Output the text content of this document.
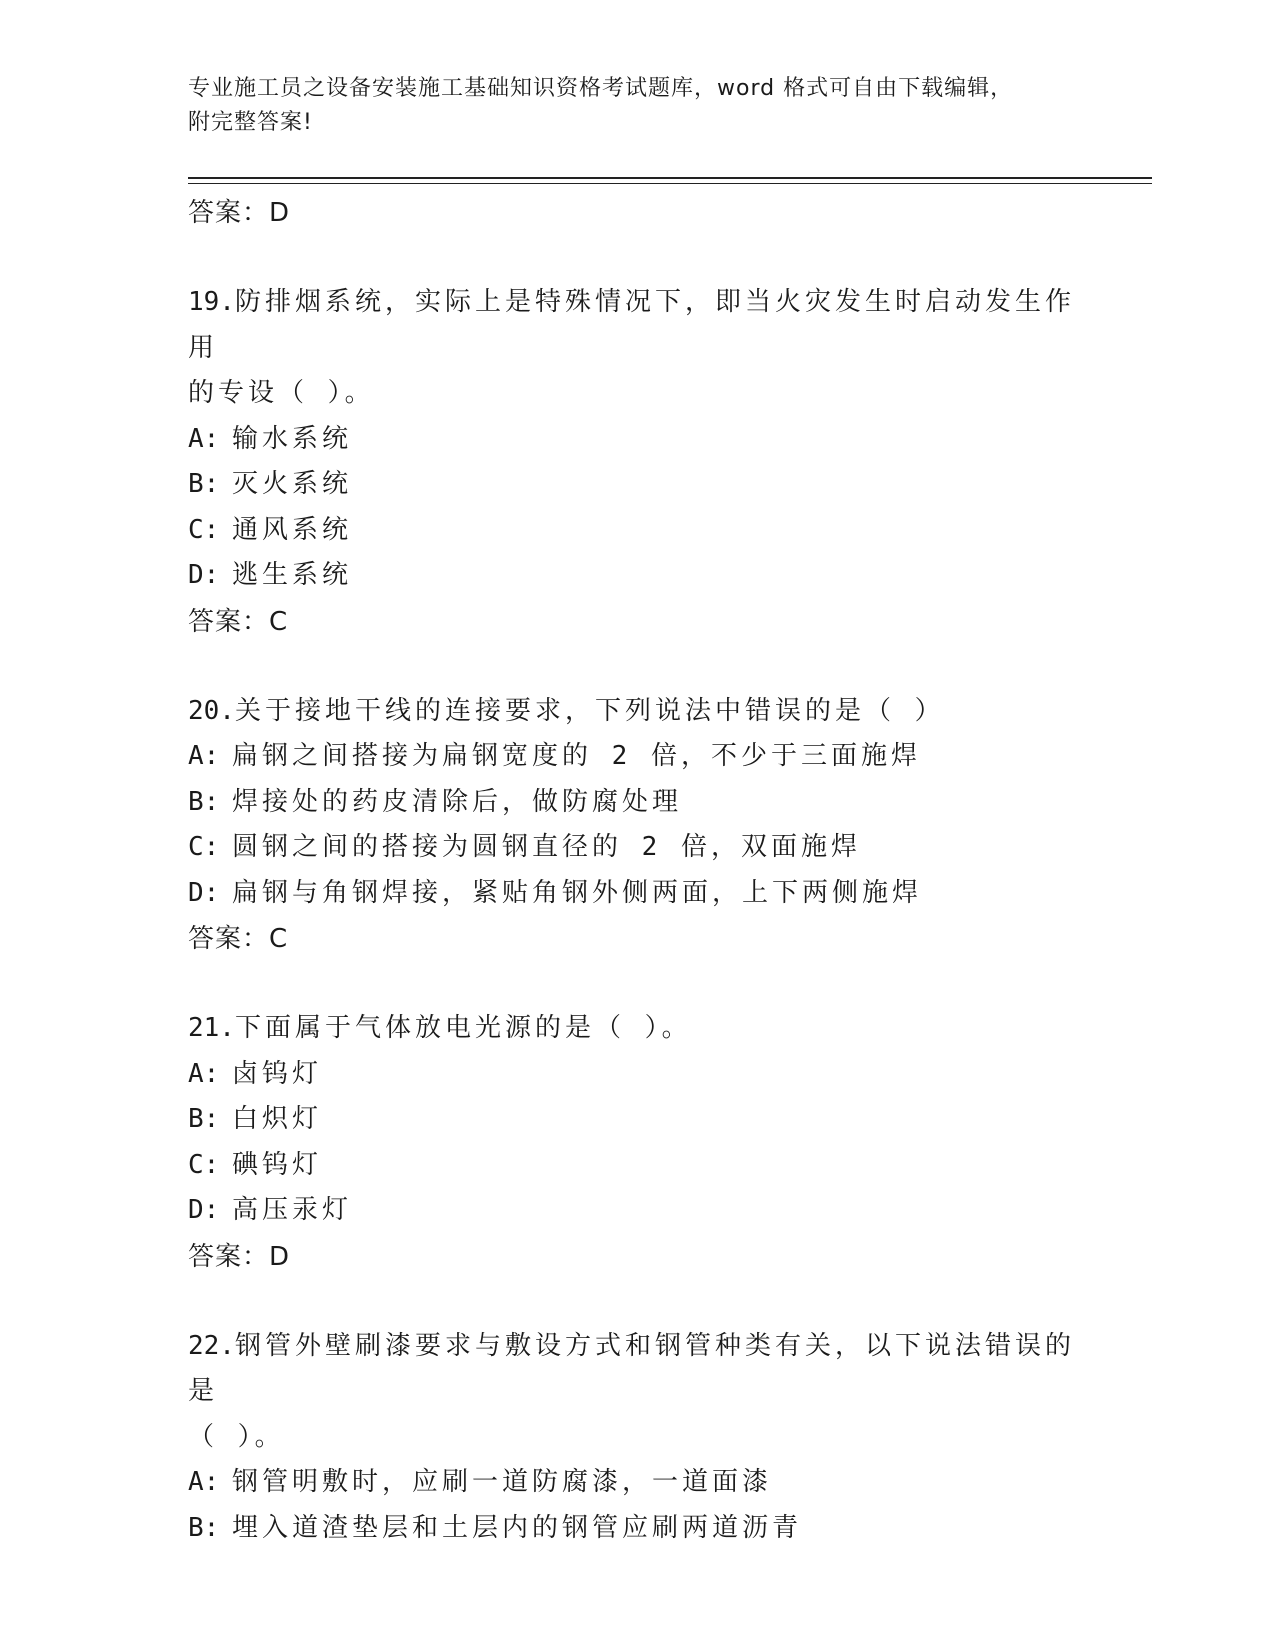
专业施工员之设备安装施工基础知识资格考试题库，word 格式可自由下载编辑，
附完整答案!
答案：D
19.防排烟系统，实际上是特殊情况下，即当火灾发生时启动发生作用
的专设（ ）。
A: 输水系统
B: 灭火系统
C: 通风系统
D: 逃生系统
答案：C
20.关于接地干线的连接要求，下列说法中错误的是（ ）
A: 扁钢之间搭接为扁钢宽度的 2 倍，不少于三面施焊
B: 焊接处的药皮清除后，做防腐处理
C: 圆钢之间的搭接为圆钢直径的 2 倍，双面施焊
D: 扁钢与角钢焊接，紧贴角钢外侧两面，上下两侧施焊
答案：C
21.下面属于气体放电光源的是（ ）。
A: 卤钨灯
B: 白炽灯
C: 碘钨灯
D: 高压汞灯
答案：D
22.钢管外壁刷漆要求与敷设方式和钢管种类有关，以下说法错误的是
（ ）。
A: 钢管明敷时，应刷一道防腐漆，一道面漆
B: 埋入道渣垫层和土层内的钢管应刷两道沥青
